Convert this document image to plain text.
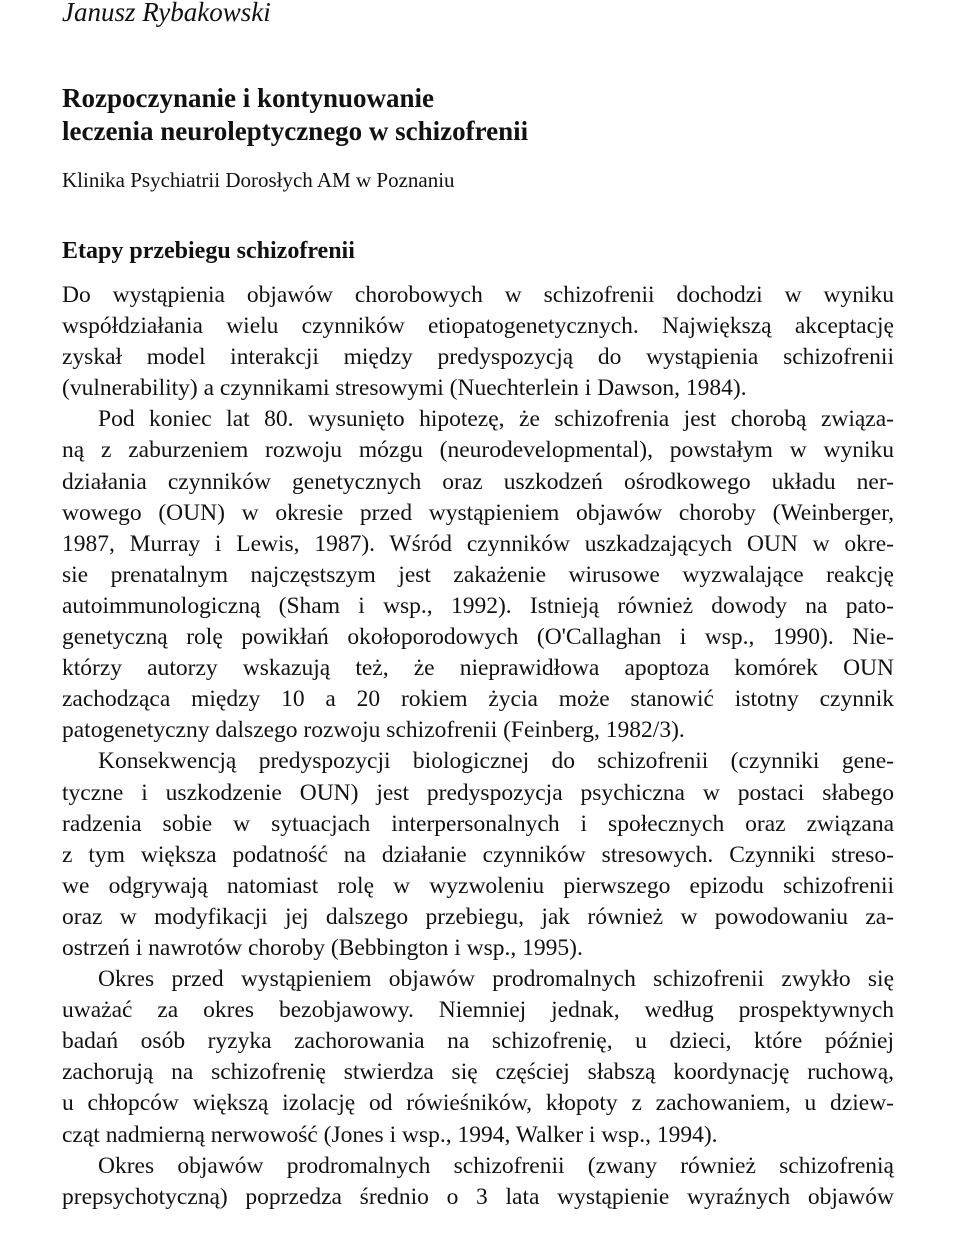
Janusz Rybakowski

Rozpoczynanie i kontynuowanie
leczenia neuroleptycznego w schizofrenii

Klinika Psychiatrii Dorosłych AM w Poznaniu

Etapy przebiegu schizofrenii

Do wystąpienia objawów chorobowych w schizofrenii dochodzi w wyniku
współdziałania wielu czynników etiopatogenetycznych. Największą akceptację
zyskał model interakcji między predyspozycją do wystąpienia schizofrenii
(vulnerability) a czynnikami stresowymi (Nuechterlein i Dawson, 1984).

Pod koniec lat 80. wysunięto hipotezę, że schizofrenia jest chorobą związa-
ną z zaburzeniem rozwoju mózgu (neurodevelopmental), powstałym w wyniku
działania czynników genetycznych oraz uszkodzeń ośrodkowego układu ner-
wowego (OUN) w okresie przed wystąpieniem objawów choroby (Weinberger,
1987, Murray i Lewis, 1987). Wśród czynników uszkadzających OUN w okre-
sie prenatalnym najczęstszym jest zakażenie wirusowe wyzwalające reakcję
autoimmunologiczną (Sham i wsp., 1992). Istnieją również dowody na pato-
genetyczną rolę powikłań okołoporodowych (O'Callaghan i wsp., 1990). Nie-
którzy autorzy wskazują też, że nieprawidłowa apoptoza komórek OUN
zachodząca między 10 a 20 rokiem życia może stanowić istotny czynnik
patogenetyczny dalszego rozwoju schizofrenii (Feinberg, 1982/3).

Konsekwencją predyspozycji biologicznej do schizofrenii (czynniki gene-
tyczne i uszkodzenie OUN) jest predyspozycja psychiczna w postaci słabego
radzenia sobie w sytuacjach interpersonalnych i społecznych oraz związana
z tym większa podatność na działanie czynników stresowych. Czynniki streso-
we odgrywają natomiast rolę w wyzwoleniu pierwszego epizodu schizofrenii
oraz w modyfikacji jej dalszego przebiegu, jak również w powodowaniu za-
ostrzeń i nawrotów choroby (Bebbington i wsp., 1995).

Okres przed wystąpieniem objawów prodromalnych schizofrenii zwykło się
uważać za okres bezobjawowy. Niemniej jednak, według prospektywnych
badań osób ryzyka zachorowania na schizofrenię, u dzieci, które później
zachorują na schizofrenię stwierdza się częściej słabszą koordynację ruchową,
u chłopców większą izolację od rówieśników, kłopoty z zachowaniem, u dziew-
cząt nadmierną nerwowość (Jones i wsp., 1994, Walker i wsp., 1994).

Okres objawów prodromalnych schizofrenii (zwany również schizofrenią
prepsychotyczną) poprzedza średnio o 3 lata wystąpienie wyraźnych objawów
